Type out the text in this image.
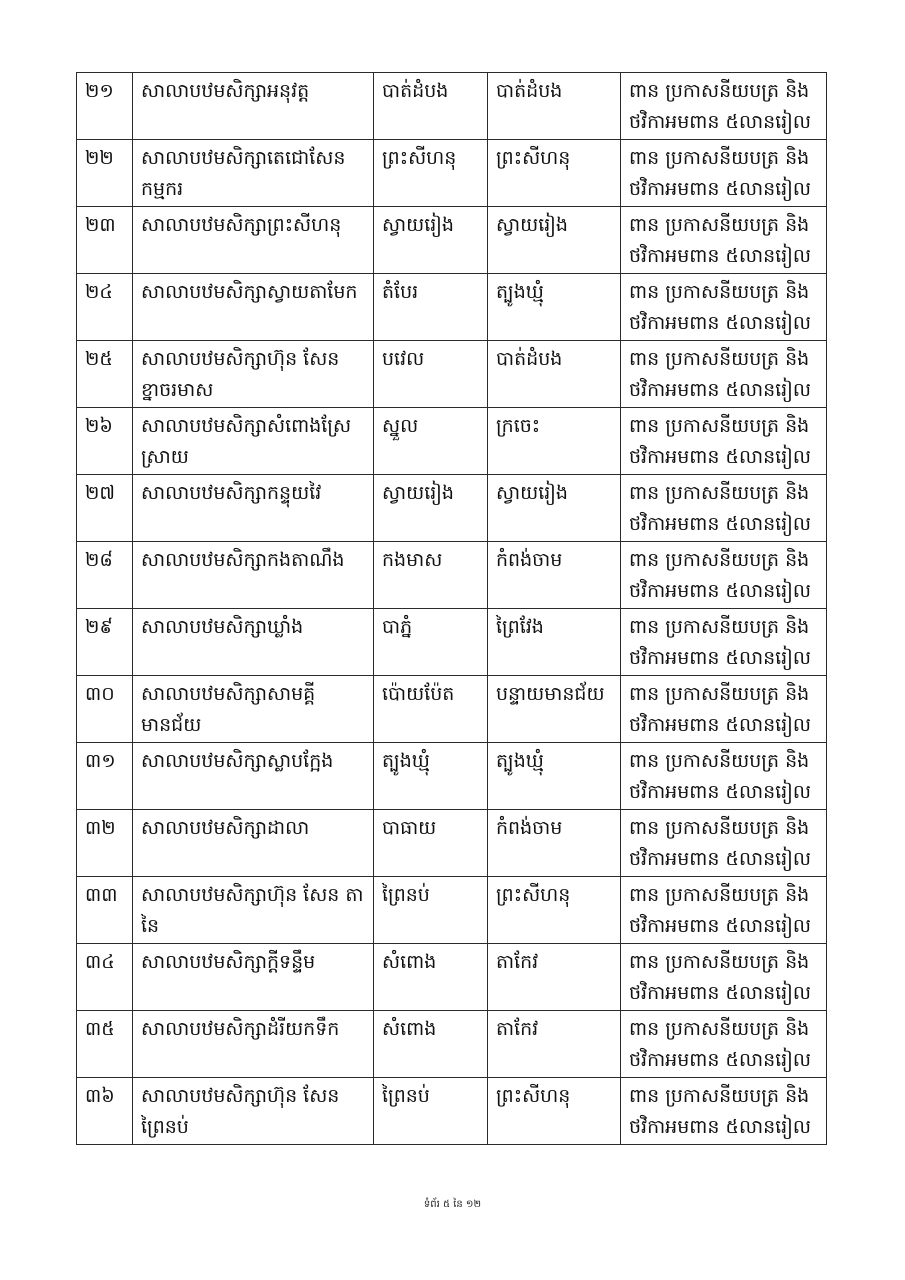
២១	សាលាបឋមសិក្សាអនុវត្ត	បាត់ដំបង	បាត់ដំបង	ពាន ប្រកាសនីយបត្រ និង
ថវិកាអមពាន ៥លានរៀល

២២	សាលាបឋមសិក្សាតេជោសែន កម្មករ	ព្រះសីហនុ	ព្រះសីហនុ	ពាន ប្រកាសនីយបត្រ និង
ថវិកាអមពាន ៥លានរៀល

២៣	សាលាបឋមសិក្សាព្រះសីហនុ	ស្វាយរៀង	ស្វាយរៀង	ពាន ប្រកាសនីយបត្រ និង
ថវិកាអមពាន ៥លានរៀល

២៤	សាលាបឋមសិក្សាស្វាយតាមែក	តំបែរ	ត្បូងឃ្មុំ	ពាន ប្រកាសនីយបត្រ និង
ថវិកាអមពាន ៥លានរៀល

២៥	សាលាបឋមសិក្សាហ៊ុន សែន ខ្នាចរមាស	បវេល	បាត់ដំបង	ពាន ប្រកាសនីយបត្រ និង
ថវិកាអមពាន ៥លានរៀល

២៦	សាលាបឋមសិក្សាសំពោងស្រែ ស្រាយ	ស្នួល	ក្រចេះ	ពាន ប្រកាសនីយបត្រ និង
ថវិកាអមពាន ៥លានរៀល

២៧	សាលាបឋមសិក្សាកន្ទុយវៃ	ស្វាយរៀង	ស្វាយរៀង	ពាន ប្រកាសនីយបត្រ និង
ថវិកាអមពាន ៥លានរៀល

២៨	សាលាបឋមសិក្សាកងតាណឹង	កងមាស	កំពង់ចាម	ពាន ប្រកាសនីយបត្រ និង
ថវិកាអមពាន ៥លានរៀល

២៩	សាលាបឋមសិក្សាឃ្លាំង	បាភ្នំ	ព្រៃវែង	ពាន ប្រកាសនីយបត្រ និង
ថវិកាអមពាន ៥លានរៀល

៣០	សាលាបឋមសិក្សាសាមគ្គីមានជ័យ	ប៉ោយប៉ែត	បន្ទាយមានជ័យ	ពាន ប្រកាសនីយបត្រ និង
ថវិកាអមពាន ៥លានរៀល

៣១	សាលាបឋមសិក្សាស្លាបក្អែង	ត្បូងឃ្មុំ	ត្បូងឃ្មុំ	ពាន ប្រកាសនីយបត្រ និង
ថវិកាអមពាន ៥លានរៀល

៣២	សាលាបឋមសិក្សាដាលា	បាធាយ	កំពង់ចាម	ពាន ប្រកាសនីយបត្រ និង
ថវិកាអមពាន ៥លានរៀល

៣៣	សាលាបឋមសិក្សាហ៊ុន សែន តានៃ	ព្រៃនប់	ព្រះសីហនុ	ពាន ប្រកាសនីយបត្រ និង
ថវិកាអមពាន ៥លានរៀល

៣៤	សាលាបឋមសិក្សាក្តីទន្ទឹម	សំពោង	តាកែវ	ពាន ប្រកាសនីយបត្រ និង
ថវិកាអមពាន ៥លានរៀល

៣៥	សាលាបឋមសិក្សាដំរីយកទឹក	សំពោង	តាកែវ	ពាន ប្រកាសនីយបត្រ និង
ថវិកាអមពាន ៥លានរៀល

៣៦	សាលាបឋមសិក្សាហ៊ុន សែន ព្រៃនប់	ព្រៃនប់	ព្រះសីហនុ	ពាន ប្រកាសនីយបត្រ និង
ថវិកាអមពាន ៥លានរៀល
ទំព័រ ៥ នៃ ១២
